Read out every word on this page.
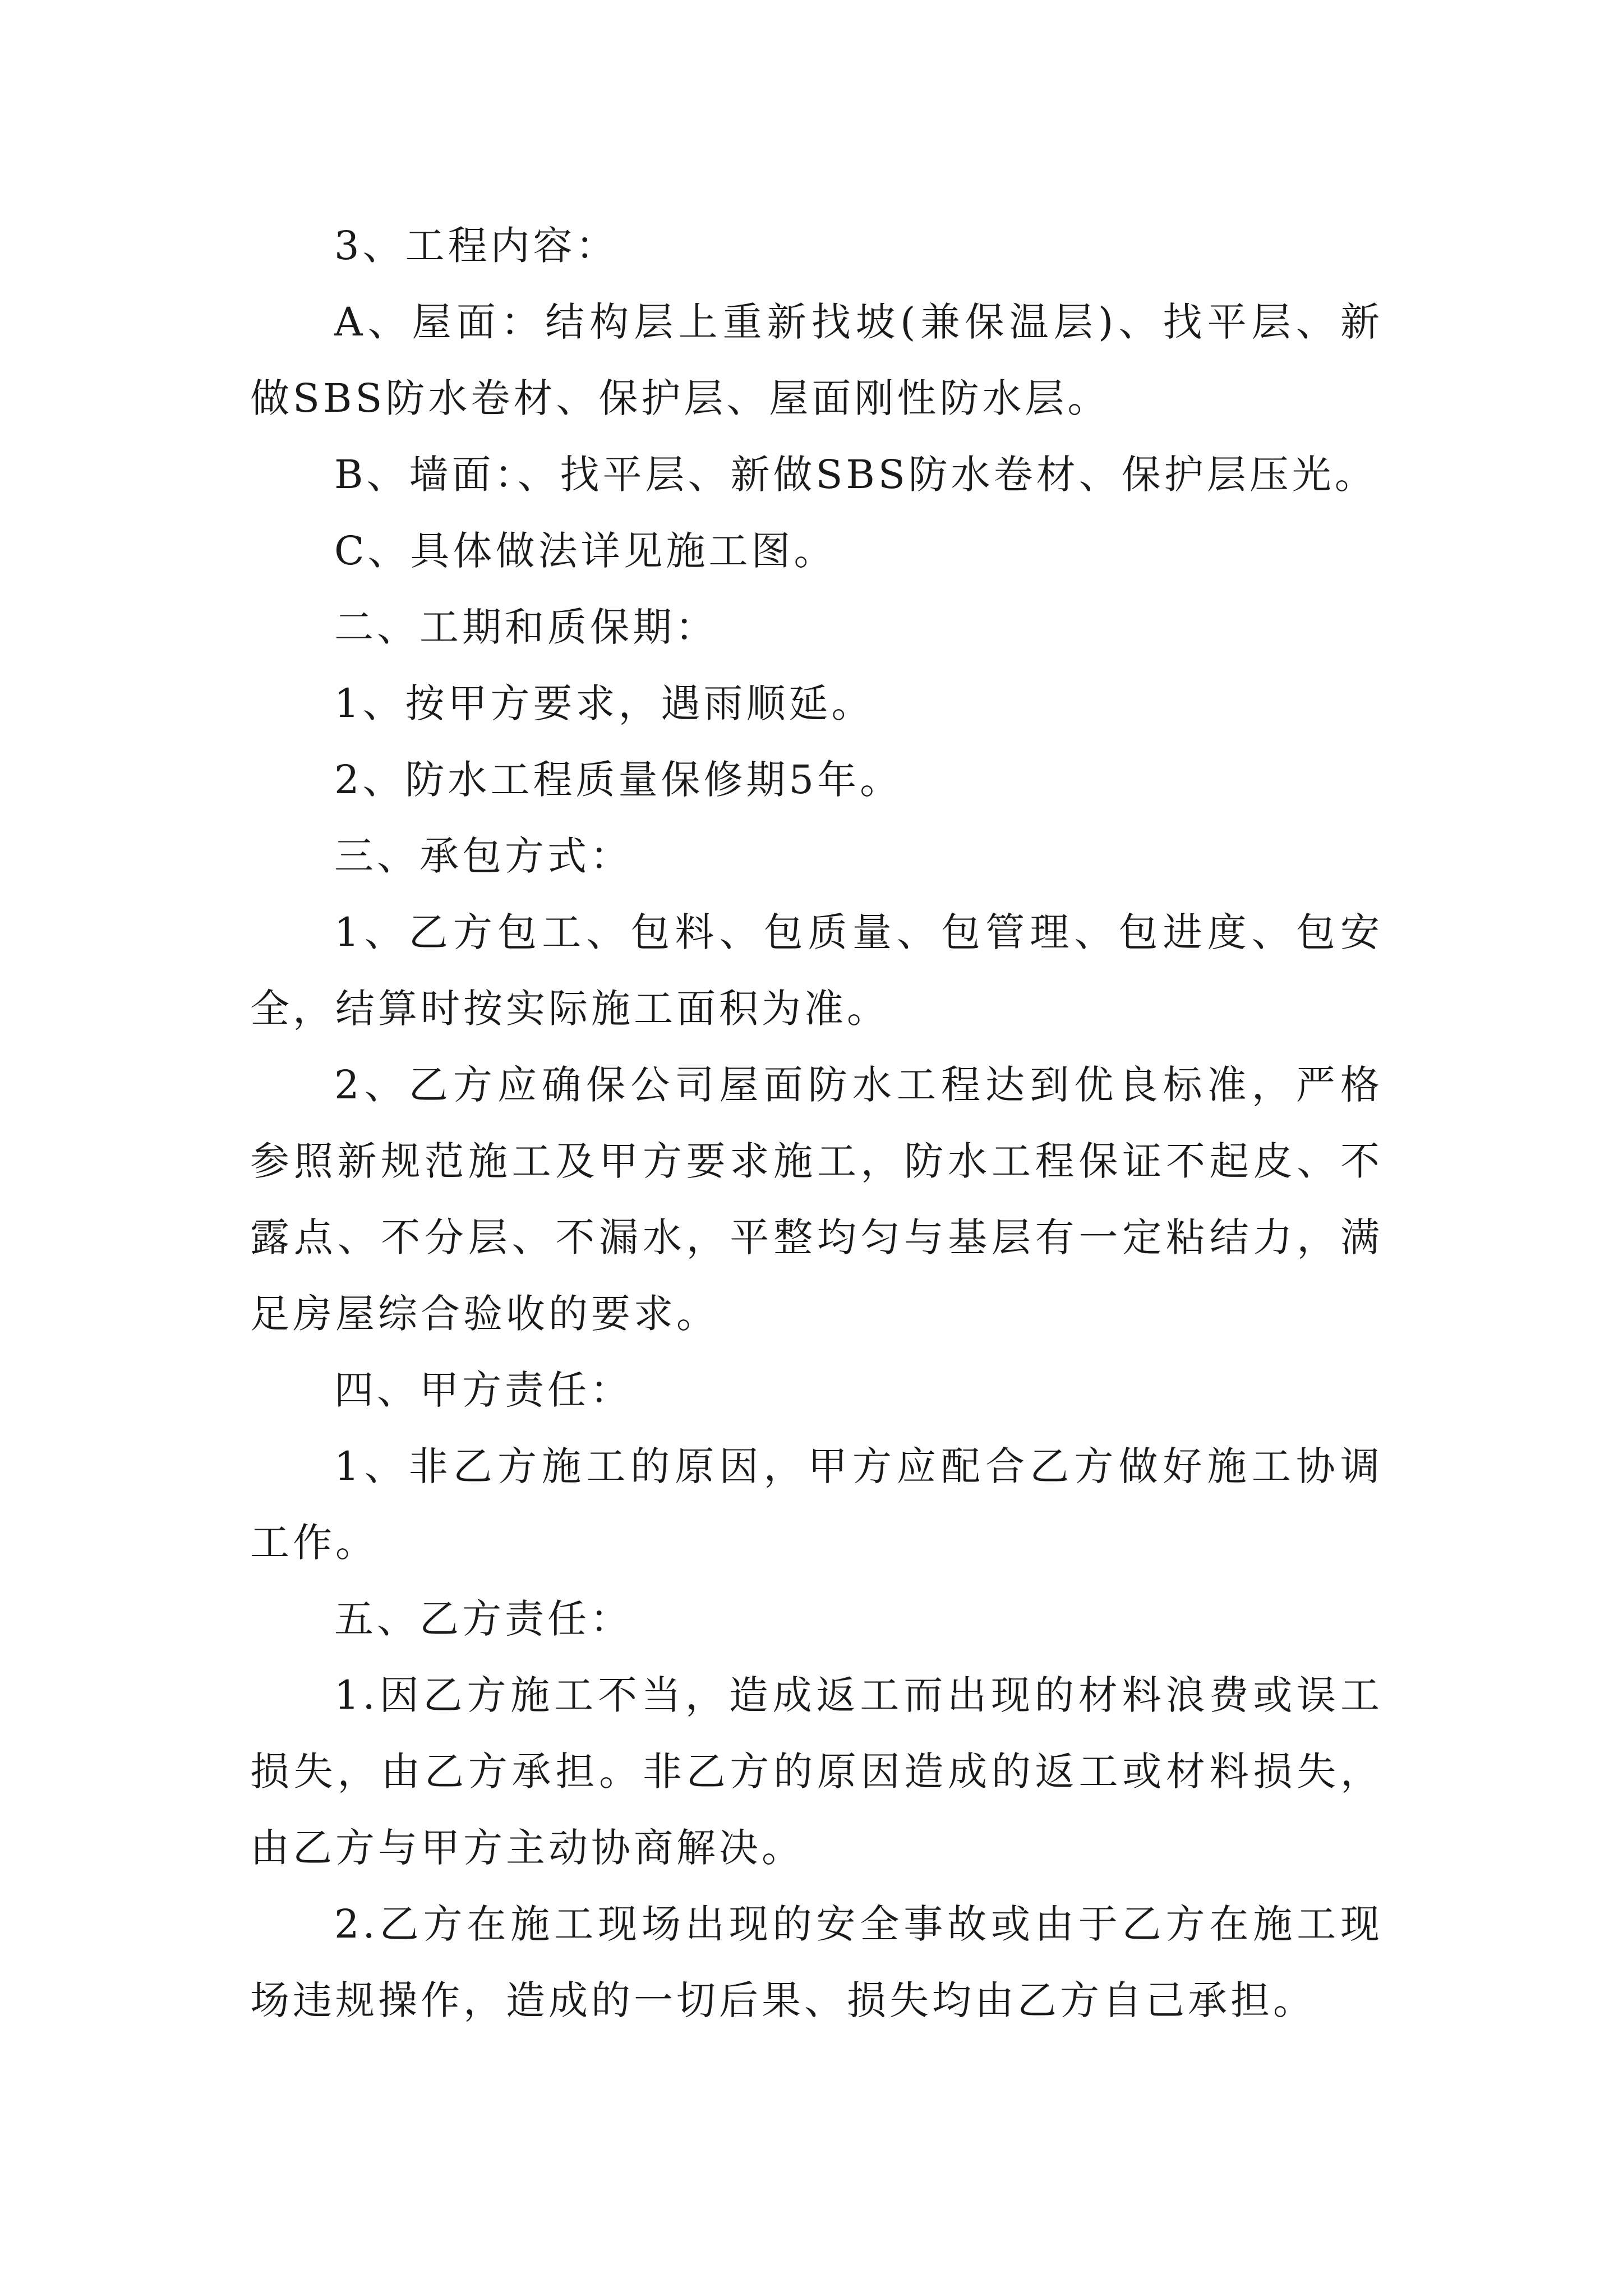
3、工程内容：

A、屋面：结构层上重新找坡(兼保温层)、找平层、新做SBS防水卷材、保护层、屋面刚性防水层。

B、墙面：、找平层、新做SBS防水卷材、保护层压光。

C、具体做法详见施工图。

二、工期和质保期：

1、按甲方要求，遇雨顺延。

2、防水工程质量保修期5年。

三、承包方式：

1、乙方包工、包料、包质量、包管理、包进度、包安全，结算时按实际施工面积为准。

2、乙方应确保公司屋面防水工程达到优良标准，严格参照新规范施工及甲方要求施工，防水工程保证不起皮、不露点、不分层、不漏水，平整均匀与基层有一定粘结力，满足房屋综合验收的要求。

四、甲方责任：

1、非乙方施工的原因，甲方应配合乙方做好施工协调工作。

五、乙方责任：

1.因乙方施工不当，造成返工而出现的材料浪费或误工损失，由乙方承担。非乙方的原因造成的返工或材料损失，由乙方与甲方主动协商解决。

2.乙方在施工现场出现的安全事故或由于乙方在施工现场违规操作，造成的一切后果、损失均由乙方自己承担。
